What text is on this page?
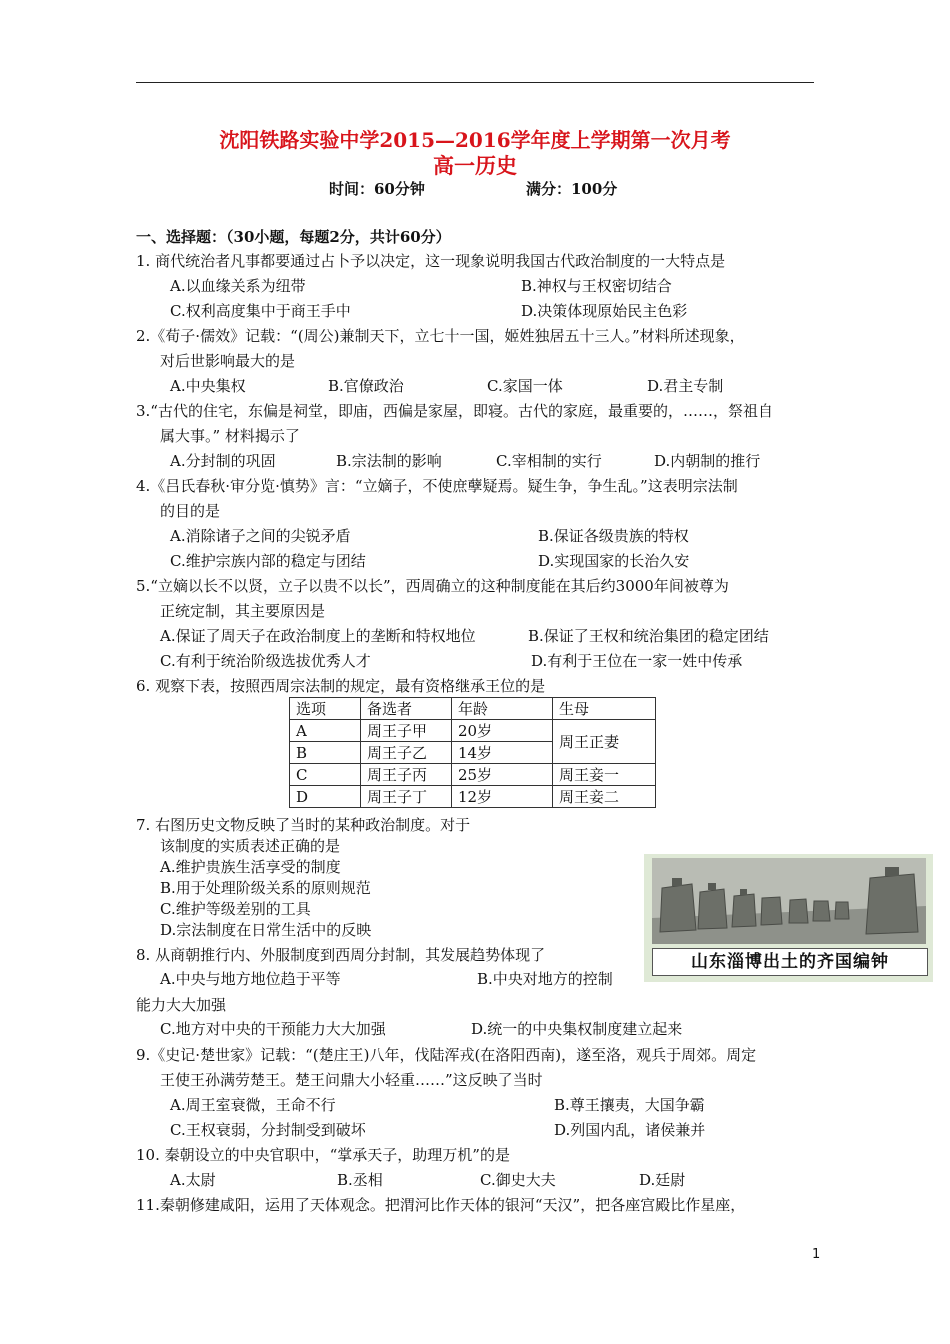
沈阳铁路实验中学2015—2016学年度上学期第一次月考
高一历史
时间：60分钟	满分：100分
一、选择题：（30小题，每题2分，共计60分）
1. 商代统治者凡事都要通过占卜予以决定，这一现象说明我国古代政治制度的一大特点是
A.以血缘关系为纽带	B.神权与王权密切结合
C.权利高度集中于商王手中	D.决策体现原始民主色彩
2.《荀子·儒效》记载：“(周公)兼制天下，立七十一国，姬姓独居五十三人。”材料所述现象，
对后世影响最大的是
A.中央集权	B.官僚政治	C.家国一体	D.君主专制
3.“古代的住宅，东偏是祠堂，即庙，西偏是家屋，即寝。古代的家庭，最重要的，……，祭祖自
属大事。” 材料揭示了
A.分封制的巩固	B.宗法制的影响	C.宰相制的实行	D.内朝制的推行
4.《吕氏春秋·审分览·慎势》言：“立嫡子，不使庶孽疑焉。疑生争，争生乱。”这表明宗法制
的目的是
A.消除诸子之间的尖锐矛盾	B.保证各级贵族的特权
C.维护宗族内部的稳定与团结	D.实现国家的长治久安
5.“立嫡以长不以贤，立子以贵不以长”，西周确立的这种制度能在其后约3000年间被尊为
正统定制，其主要原因是
A.保证了周天子在政治制度上的垄断和特权地位	B.保证了王权和统治集团的稳定团结
C.有利于统治阶级选拔优秀人才	D.有利于王位在一家一姓中传承
6. 观察下表，按照西周宗法制的规定，最有资格继承王位的是
选项	备选者	年龄	生母
A	周王子甲	20岁	周王正妻
B	周王子乙	14岁	
C	周王子丙	25岁	周王妾一
D	周王子丁	12岁	周王妾二
7. 右图历史文物反映了当时的某种政治制度。对于
该制度的实质表述正确的是
A.维护贵族生活享受的制度
B.用于处理阶级关系的原则规范
C.维护等级差别的工具
D.宗法制度在日常生活中的反映
山东淄博出土的齐国编钟
8. 从商朝推行内、外服制度到西周分封制，其发展趋势体现了
A.中央与地方地位趋于平等	B.中央对地方的控制
能力大大加强
C.地方对中央的干预能力大大加强	D.统一的中央集权制度建立起来
9.《史记·楚世家》记载：“(楚庄王)八年，伐陆浑戎(在洛阳西南)，遂至洛，观兵于周郊。周定
王使王孙满劳楚王。楚王问鼎大小轻重……”这反映了当时
A.周王室衰微，王命不行	B.尊王攘夷，大国争霸
C.王权衰弱，分封制受到破坏	D.列国内乱，诸侯兼并
10. 秦朝设立的中央官职中，“掌承天子，助理万机”的是
A.太尉	B.丞相	C.御史大夫	D.廷尉
11.秦朝修建咸阳，运用了天体观念。把渭河比作天体的银河“天汉”，把各座宫殿比作星座，
1
